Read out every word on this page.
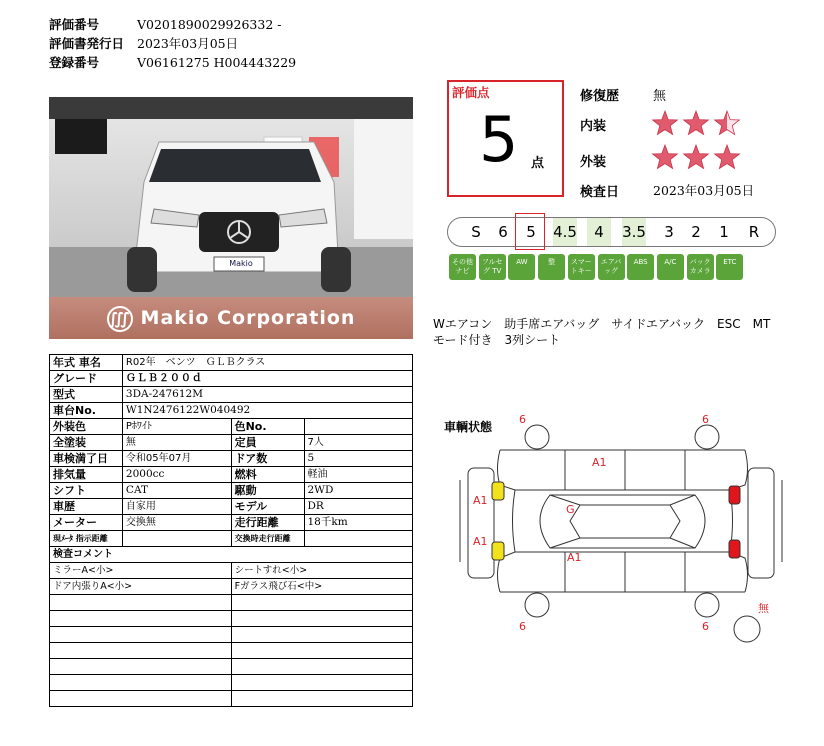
評価番号	V0201890029926332 -
評価書発行日 2023年03月05日
登録番号	V06161275 H004443229
∭ Makio Corporation
Makio
評価点
5 点
修復歴	無
内装
外装
検査日	2023年03月05日
S	6	5	4.5	4	3.5	3	2	1	R
その他 ナビ
フルセグ TV
AW	整	スマートキー
エアバッグ
ABS	A/C	バック カメラ
ETC
Wエアコン　助手席エアバッグ　サイドエアバック　ESC　MT モード付き　3列シート
年式 車名	R02年　ベンツ　ＧＬＢクラス		
グレード	ＧＬＢ２００ｄ		
型式	3DA-247612M		
車台No.	W1N2476122W040492		
外装色	Pﾎﾜｲﾄ	色No.	
全塗装	無	定員	7人
車検満了日	令和05年07月	ドア数	5
排気量	2000cc	燃料	軽油
シフト	CAT	駆動	2WD
車歴	自家用	モデル	DR
メーター	交換無	走行距離	18千km
現ﾒｰﾀ 指示距離		交換時走行距離	
検査コメント			
ミラーA<小>		シートすれ<小>	
ドア内張りA<小>		Fガラス飛び石<中>	

車輌状態
6	6
6	6
A1
A1
A1
A1
G
無
